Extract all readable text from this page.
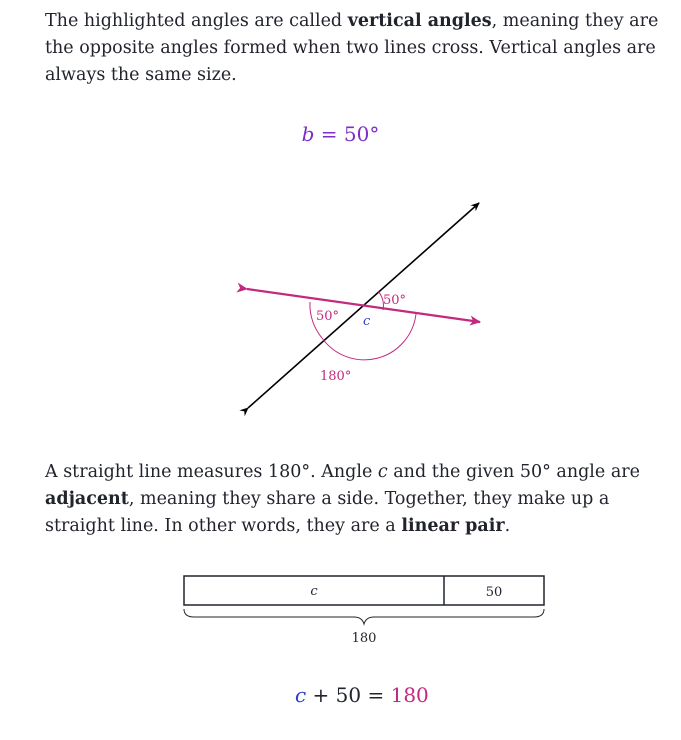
The highlighted angles are called vertical angles, meaning they are the opposite angles formed when two lines cross. Vertical angles are always the same size.

b = 50°
50°
50° c
180°
c	50
180

A straight line measures 180°. Angle c and the given 50° angle are adjacent, meaning they share a side. Together, they make up a straight line. In other words, they are a linear pair.

c + 50 = 180
